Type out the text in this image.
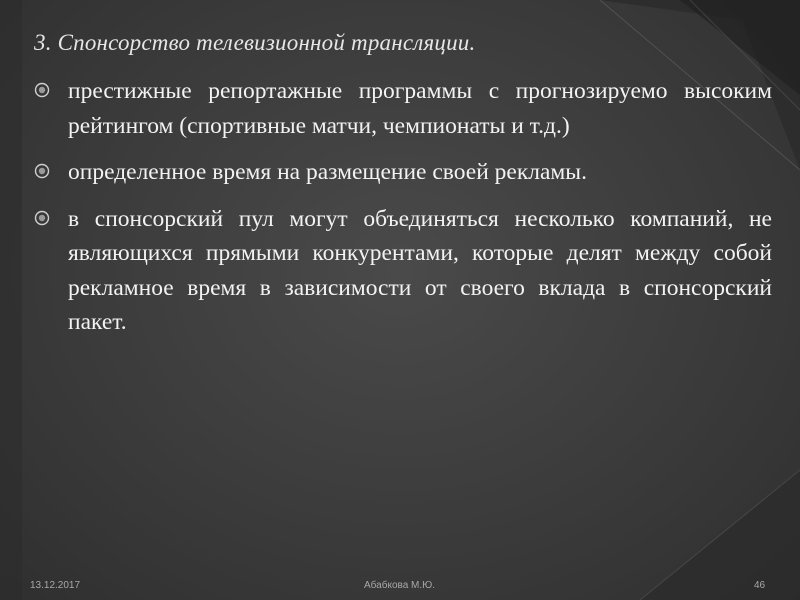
3. Спонсорство телевизионной трансляции.
престижные репортажные программы с прогнозируемо высоким рейтингом (спортивные матчи, чемпионаты и т.д.)
определенное время на размещение своей рекламы.
в спонсорский пул могут объединяться несколько компаний, не являющихся прямыми конкурентами, которые делят между собой рекламное время в зависимости от своего вклада в спонсорский пакет.
13.12.2017	Абабкова М.Ю.	46
